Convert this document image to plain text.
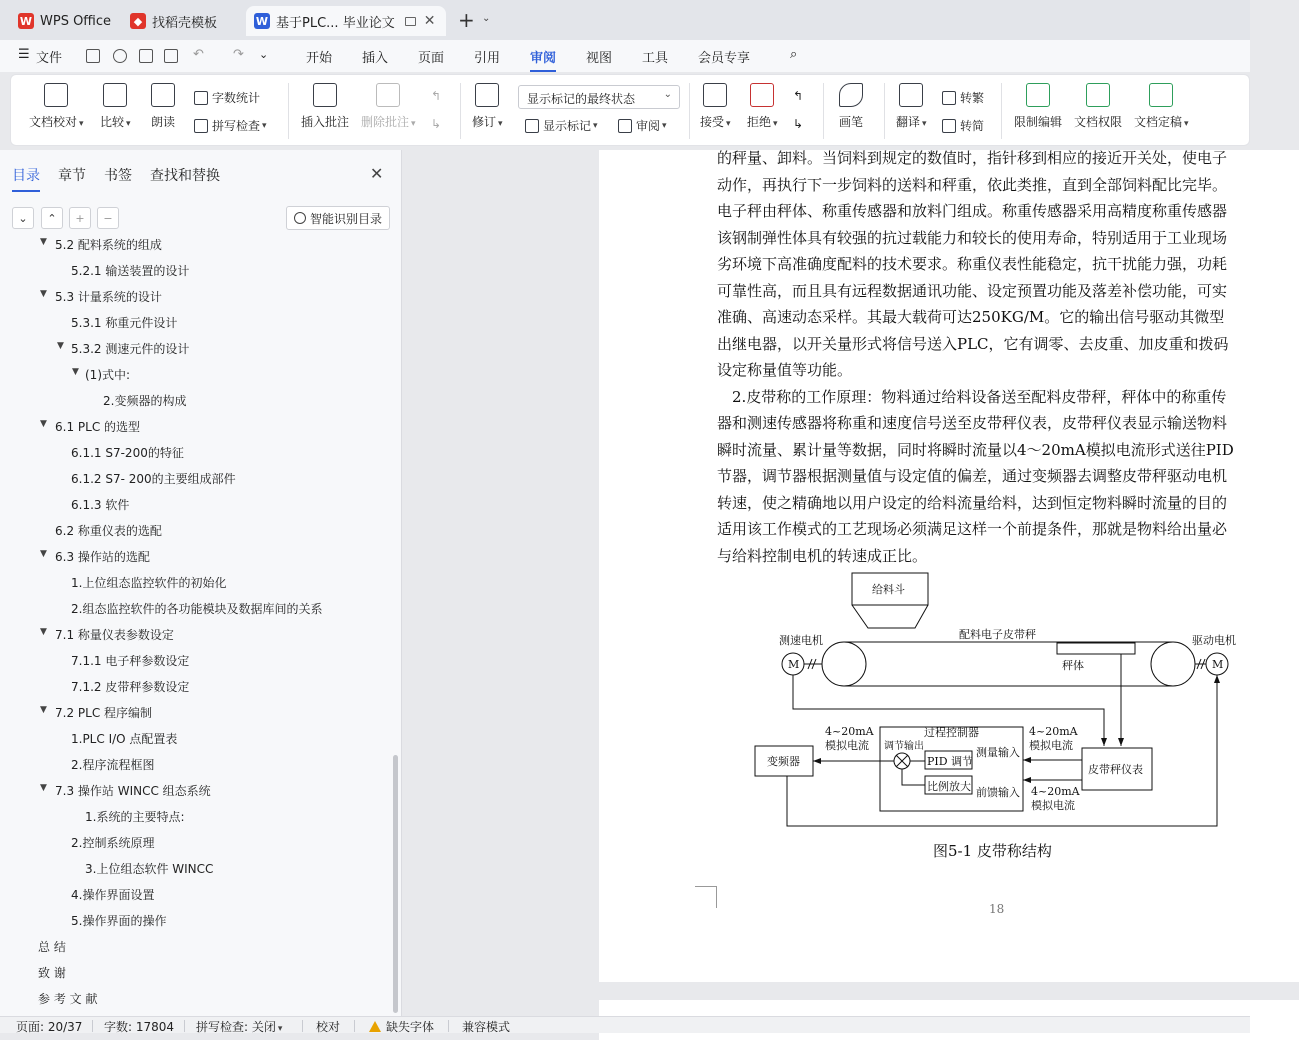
W WPS Office	◆ 找稻壳模板	W 基于PLC... 毕业论文 ✕ + ⌄
☰ 文件	↶ ↷ ⌄	开始 插入 页面 引用 审阅 视图 工具 会员专享	⌕
文档校对 ▾ 比较 ▾ 朗读
字数统计
拼写检查 ▾	插入批注 删除批注 ▾
↰
↳	修订 ▾
显示标记的最终状态	⌄
显示标记 ▾	审阅 ▾	接受 ▾ 拒绝 ▾
↰
↳	画笔	翻译 ▾
转繁
转简 限制编辑 文档权限 文档定稿 ▾
目录 章节 书签 查找和替换	✕
⌄	⌃	+	−	智能识别目录
▼ 5.2 配料系统的组成
5.2.1 输送装置的设计
▼ 5.3 计量系统的设计
5.3.1 称重元件设计
▼ 5.3.2 测速元件的设计
▼ (1)式中:
2.变频器的构成
▼ 6.1 PLC 的选型
6.1.1 S7-200的特征
6.1.2 S7- 200的主要组成部件
6.1.3 软件
6.2 称重仪表的选配
▼ 6.3 操作站的选配
1.上位组态监控软件的初始化
2.组态监控软件的各功能模块及数据库间的关系
▼ 7.1 称量仪表参数设定
7.1.1 电子秤参数设定
7.1.2 皮带秤参数设定
▼ 7.2 PLC 程序编制
1.PLC I/O 点配置表
2.程序流程框图
▼ 7.3 操作站 WINCC 组态系统
1.系统的主要特点:
2.控制系统原理
3.上位组态软件 WINCC
4.操作界面设置
5.操作界面的操作
总 结
致 谢
参 考 文 献
的秤量、卸料。当饲料到规定的数值时，指针移到相应的接近开关处，使电子
动作，再执行下一步饲料的送料和秤重，依此类推，直到全部饲料配比完毕。
电子秤由秤体、称重传感器和放料门组成。称重传感器采用高精度称重传感器
该钢制弹性体具有较强的抗过载能力和较长的使用寿命，特别适用于工业现场
劣环境下高准确度配料的技术要求。称重仪表性能稳定，抗干扰能力强，功耗
可靠性高，而且具有远程数据通讯功能、设定预置功能及落差补偿功能，可实
准确、高速动态采样。其最大载荷可达250KG/M。它的输出信号驱动其微型
出继电器，以开关量形式将信号送入PLC，它有调零、去皮重、加皮重和拨码
设定称量值等功能。
　2.皮带称的工作原理：物料通过给料设备送至配料皮带秤，秤体中的称重传
器和测速传感器将称重和速度信号送至皮带秤仪表，皮带秤仪表显示输送物料
瞬时流量、累计量等数据，同时将瞬时流量以4～20mA模拟电流形式送往PID
节器，调节器根据测量值与设定值的偏差，通过变频器去调整皮带秤驱动电机
转速，使之精确地以用户设定的给料流量给料，达到恒定物料瞬时流量的目的
适用该工作模式的工艺现场必须满足这样一个前提条件，那就是物料给出量必
与给料控制电机的转速成正比。
给料斗
配料电子皮带秤
测速电机	驱动电机
M	M
秤体
过程控制器
调节输出
PID 调节
比例放大
测量输入
前馈输入
变频器
皮带秤仪表
4~20mA
模拟电流
4~20mA
模拟电流
4~20mA
模拟电流
图5-1 皮带称结构
18
页面: 20/37 字数: 17804 拼写检查: 关闭 ▾	校对	缺失字体 兼容模式
